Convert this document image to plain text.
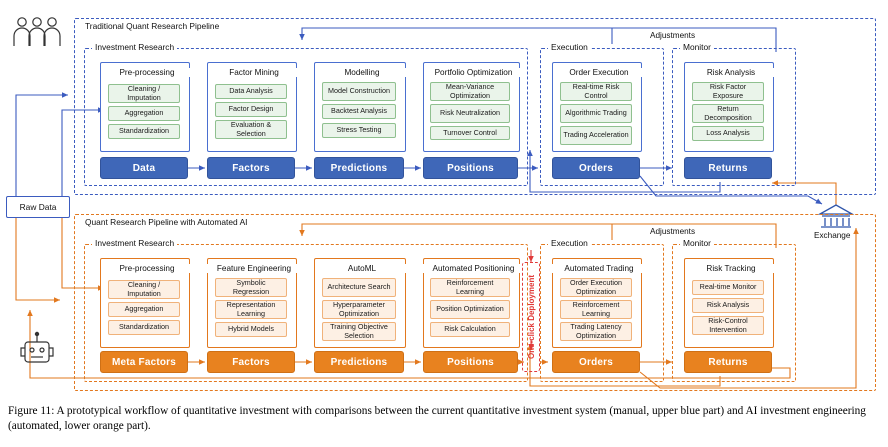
Raw Data
Exchange
Traditional Quant Research Pipeline
Adjustments
Investment Research	Execution	Monitor
Pre-processing
Cleaning / Imputation
Aggregation
Standardization
Data
Factor Mining
Data Analysis
Factor Design
Evaluation & Selection
Factors
Modelling
Model Construction
Backtest Analysis
Stress Testing
Predictions
Portfolio Optimization
Mean-Variance Optimization
Risk Neutralization
Turnover Control
Positions
Order Execution
Real-time Risk Control
Algorithmic Trading
Trading Acceleration
Orders
Risk Analysis
Risk Factor Exposure
Return Decomposition
Loss Analysis
Returns
Quant Research Pipeline with Automated AI
Adjustments
Investment Research	Execution	Monitor
Pre-processing
Cleaning / Imputation
Aggregation
Standardization
Meta Factors
Feature Engineering
Symbolic Regression
Representation Learning
Hybrid Models
Factors
AutoML
Architecture Search
Hyperparameter Optimization
Training Objective Selection
Predictions
Automated Positioning
Reinforcement Learning
Position Optimization
Risk Calculation
Positions
One-click Deployment
Automated Trading
Order Execution Optimization
Reinforcement Learning
Trading Latency Optimization
Orders
Risk Tracking
Real-time Monitor
Risk Analysis
Risk-Control Intervention
Returns
Figure 11: A prototypical workflow of quantitative investment with comparisons between the current quantitative investment system (manual, upper blue part) and AI investment engineering (automated, lower orange part).
